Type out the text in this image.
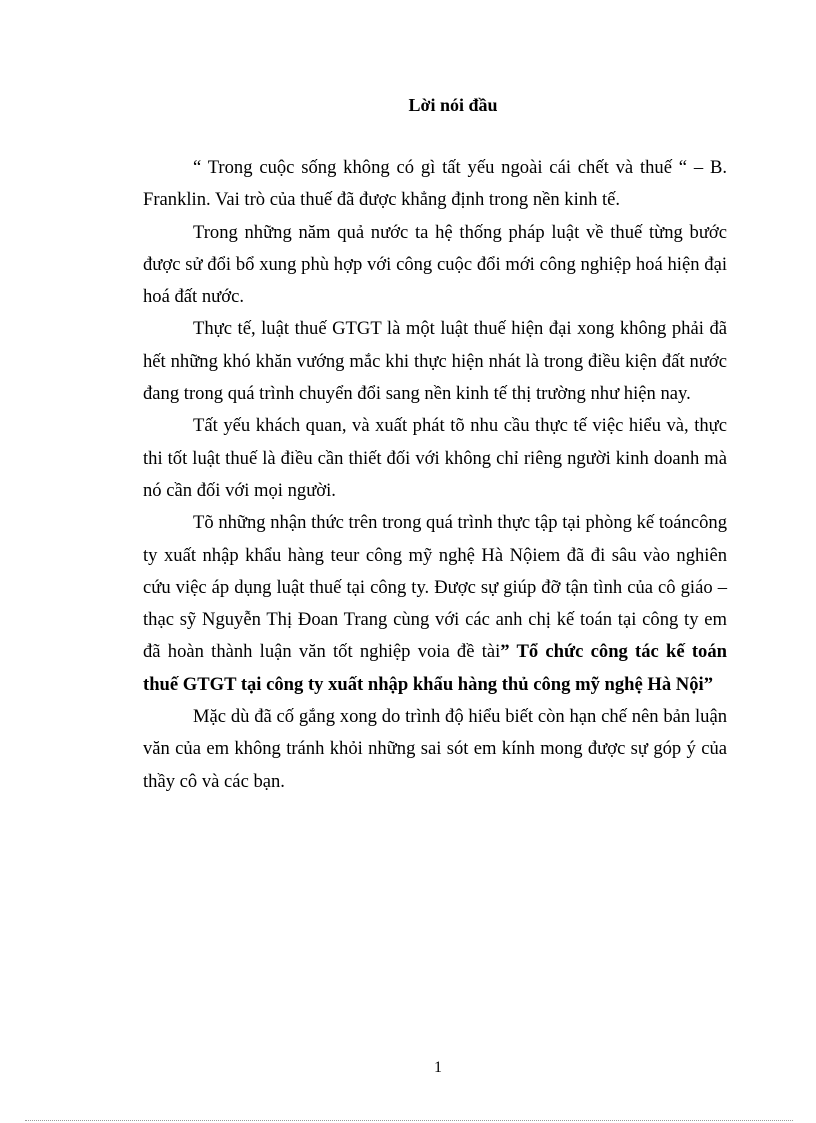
Lời nói đầu

“ Trong cuộc sống không có gì tất yếu ngoài cái chết và thuế “ – B. Franklin. Vai trò của thuế đã được khẳng định trong nền kinh tế.

Trong những năm quả nước ta hệ thống pháp luật về thuế từng bước được sử đổi bổ xung phù hợp với công cuộc đổi mới công nghiệp hoá hiện đại hoá đất nước.

Thực tế, luật thuế GTGT là một luật thuế hiện đại xong không phải đã hết những khó khăn vướng mắc khi thực hiện nhát là trong điều kiện đất nước đang trong quá trình chuyển đổi sang nền kinh tế thị trường như hiện nay.

Tất yếu khách quan, và xuất phát tõ nhu cầu thực tế việc hiểu và, thực thi tốt luật thuế là điều cần thiết đối với không chỉ riêng người kinh doanh mà nó cần đối với mọi người.

Tõ những nhận thức trên trong quá trình thực tập tại phòng kế toáncông ty xuất nhập khẩu hàng teur công mỹ nghệ Hà Nộiem đã đi sâu vào nghiên cứu việc áp dụng luật thuế tại công ty. Được sự giúp đỡ tận tình của cô giáo – thạc sỹ Nguyễn Thị Đoan Trang cùng với các anh chị kế toán tại công ty em đã hoàn thành luận văn tốt nghiệp voia đề tài” Tổ chức công tác kế toán thuế GTGT tại công ty xuất nhập khẩu hàng thủ công mỹ nghệ Hà Nội”

Mặc dù đã cố gắng xong do trình độ hiểu biết còn hạn chế nên bản luận văn của em không tránh khỏi những sai sót em kính mong được sự góp ý của thầy cô và các bạn.

1
